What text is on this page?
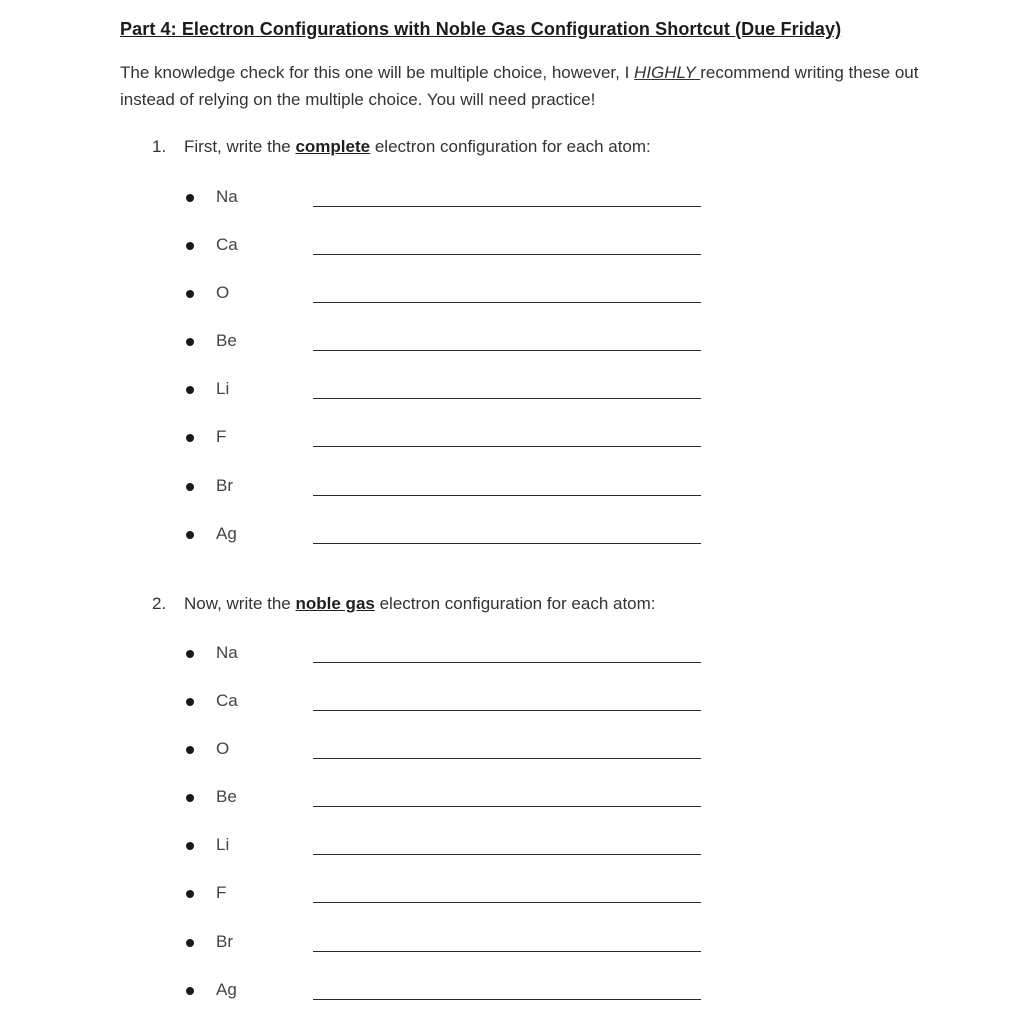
Part 4: Electron Configurations with Noble Gas Configuration Shortcut (Due Friday)
The knowledge check for this one will be multiple choice, however, I HIGHLY recommend writing these out instead of relying on the multiple choice. You will need practice!
1. First, write the complete electron configuration for each atom:
Na
Ca
O
Be
Li
F
Br
Ag
2. Now, write the noble gas electron configuration for each atom:
Na
Ca
O
Be
Li
F
Br
Ag
